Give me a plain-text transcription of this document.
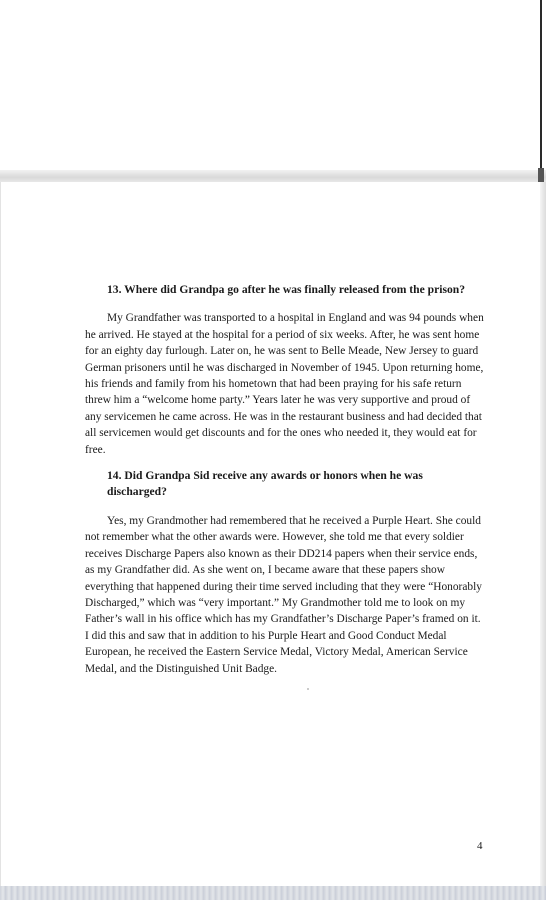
13. Where did Grandpa go after he was finally released from the prison?

My Grandfather was transported to a hospital in England and was 94 pounds when he arrived. He stayed at the hospital for a period of six weeks. After, he was sent home for an eighty day furlough. Later on, he was sent to Belle Meade, New Jersey to guard German prisoners until he was discharged in November of 1945. Upon returning home, his friends and family from his hometown that had been praying for his safe return threw him a “welcome home party.” Years later he was very supportive and proud of any servicemen he came across. He was in the restaurant business and had decided that all servicemen would get discounts and for the ones who needed it, they would eat for free.

14. Did Grandpa Sid receive any awards or honors when he was discharged?

Yes, my Grandmother had remembered that he received a Purple Heart. She could not remember what the other awards were. However, she told me that every soldier receives Discharge Papers also known as their DD214 papers when their service ends, as my Grandfather did. As she went on, I became aware that these papers show everything that happened during their time served including that they were “Honorably Discharged,” which was “very important.” My Grandmother told me to look on my Father’s wall in his office which has my Grandfather’s Discharge Paper’s framed on it. I did this and saw that in addition to his Purple Heart and Good Conduct Medal European, he received the Eastern Service Medal, Victory Medal, American Service Medal, and the Distinguished Unit Badge.

4
